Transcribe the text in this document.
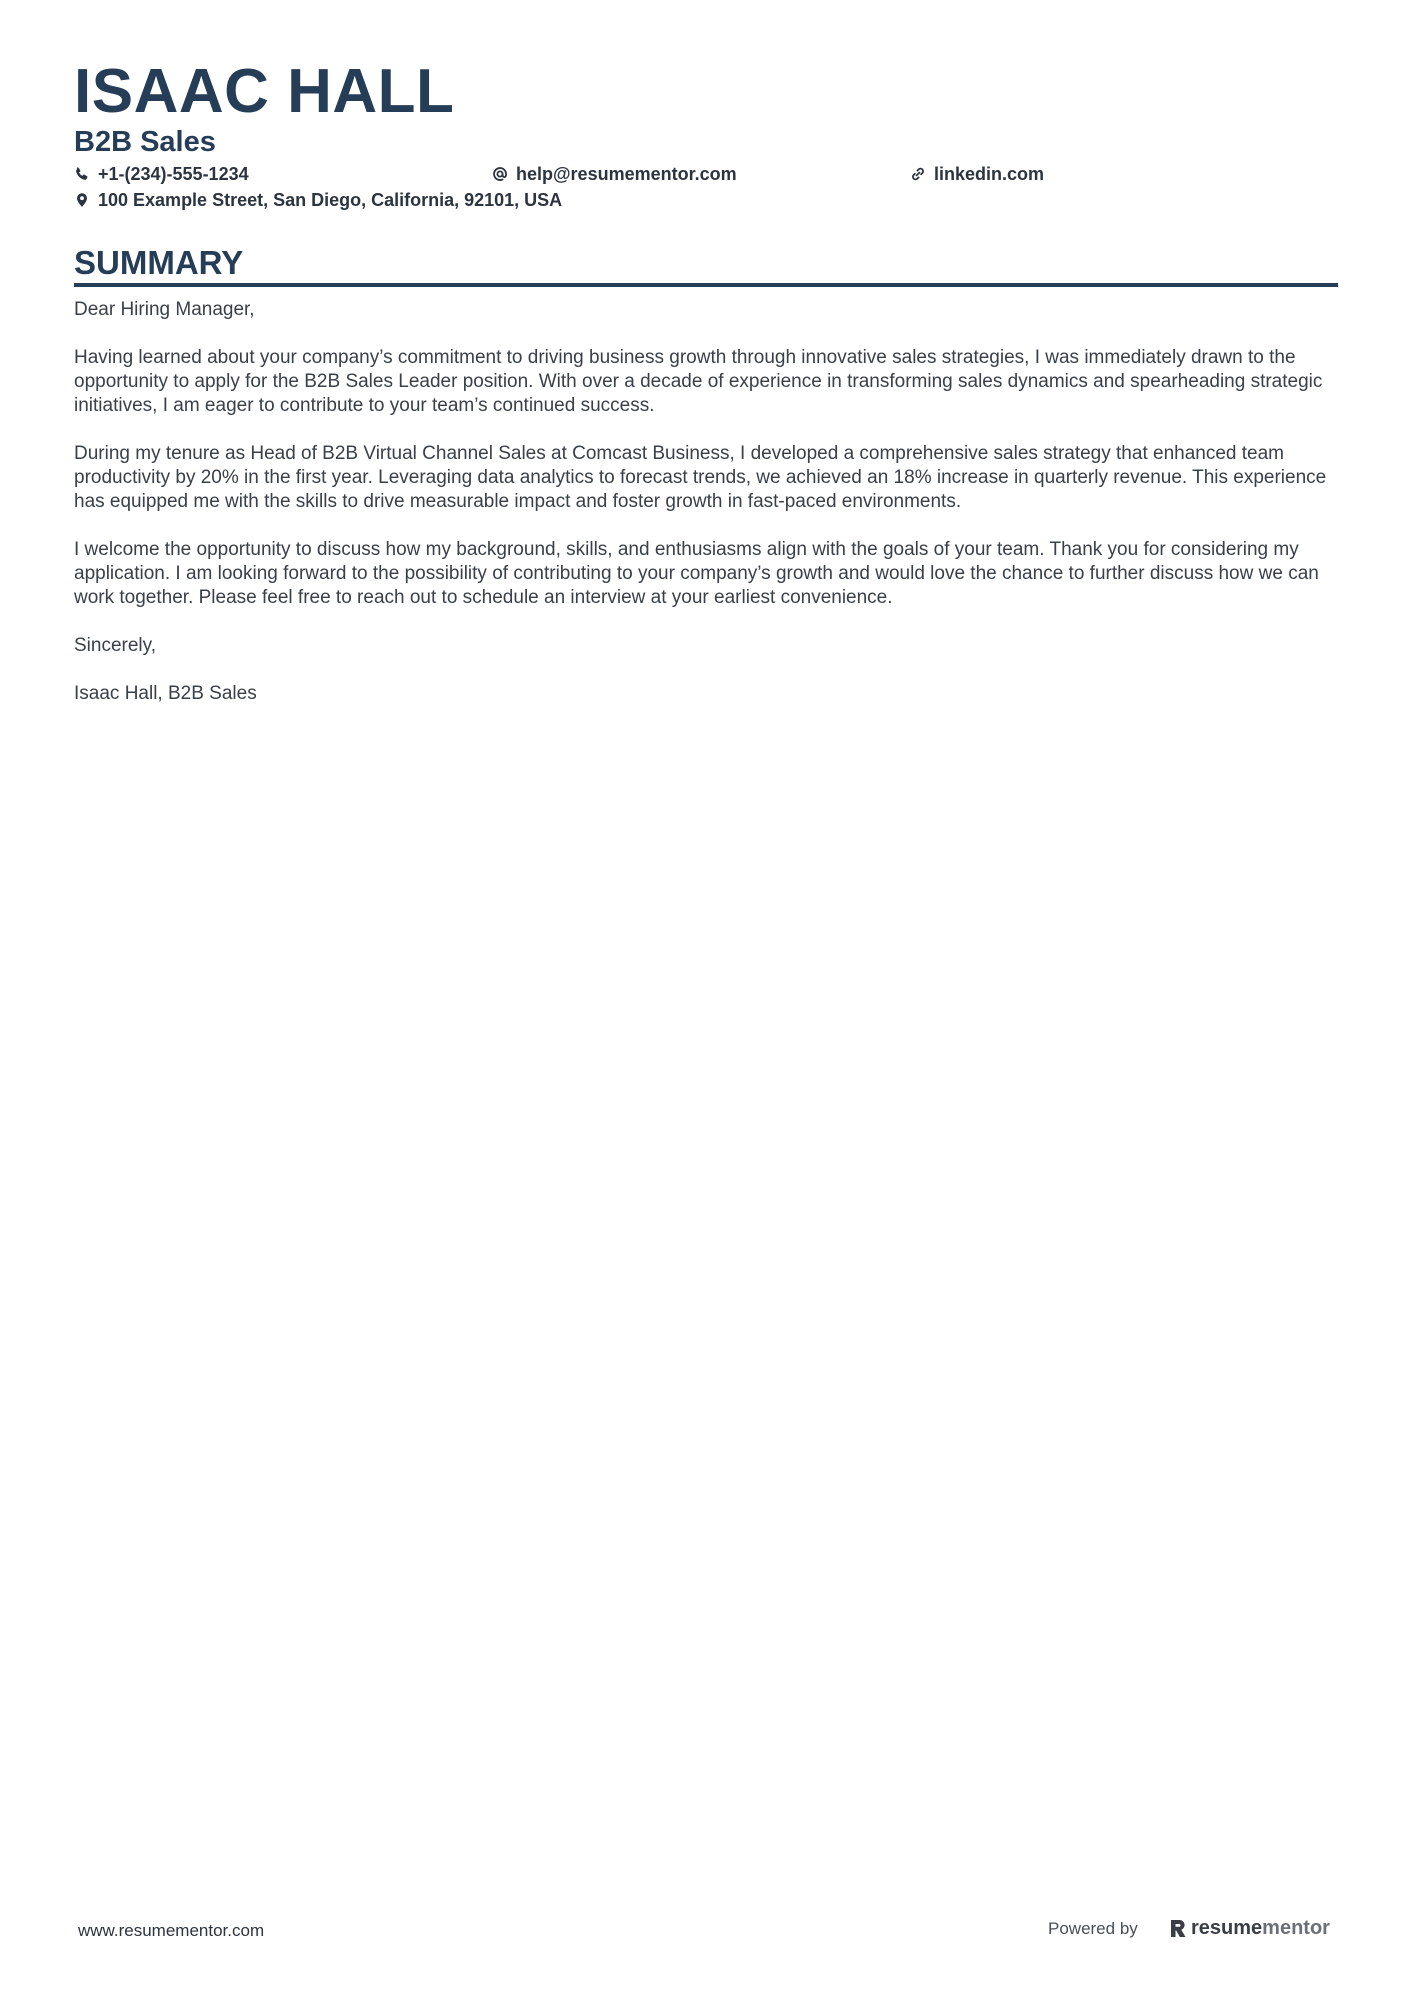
ISAAC HALL
B2B Sales
+1-(234)-555-1234	help@resumementor.com	linkedin.com
100 Example Street, San Diego, California, 92101, USA
SUMMARY

Dear Hiring Manager,

Having learned about your company’s commitment to driving business growth through innovative sales strategies, I was immediately drawn to the opportunity to apply for the B2B Sales Leader position. With over a decade of experience in transforming sales dynamics and spearheading strategic initiatives, I am eager to contribute to your team’s continued success.

During my tenure as Head of B2B Virtual Channel Sales at Comcast Business, I developed a comprehensive sales strategy that enhanced team productivity by 20% in the first year. Leveraging data analytics to forecast trends, we achieved an 18% increase in quarterly revenue. This experience has equipped me with the skills to drive measurable impact and foster growth in fast-paced environments.

I welcome the opportunity to discuss how my background, skills, and enthusiasms align with the goals of your team. Thank you for considering my application. I am looking forward to the possibility of contributing to your company’s growth and would love the chance to further discuss how we can work together. Please feel free to reach out to schedule an interview at your earliest convenience.

Sincerely,

Isaac Hall, B2B Sales

www.resumementor.com	Powered by	resume mentor
